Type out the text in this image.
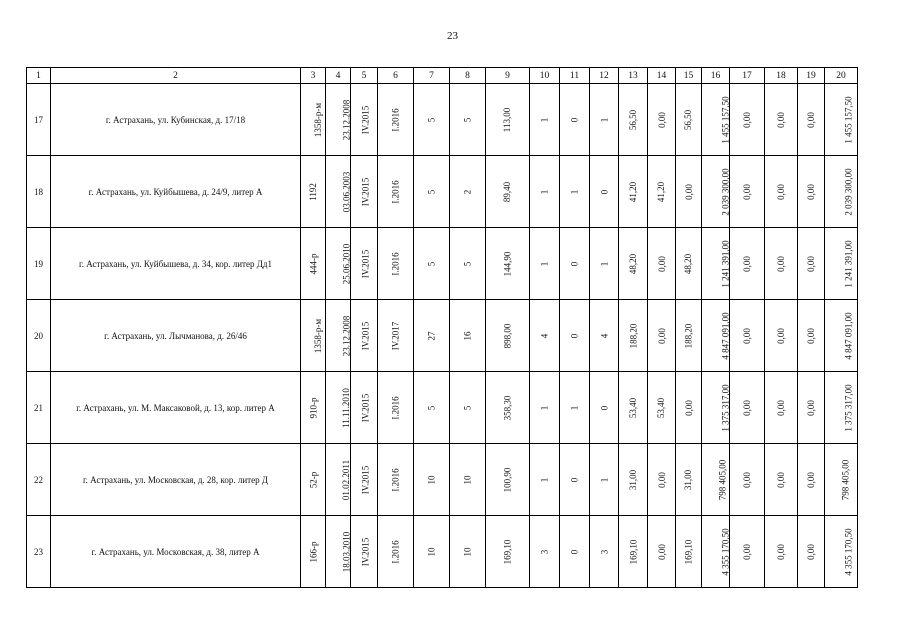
23
1	2	3	4	5	6	7	8	9	10	11	12	13	14	15	16	17	18	19	20
17	г. Астрахань, ул. Кубинская, д. 17/18	1358-р-м	23.12.2008	IV.2015	I.2016	5	5	113,00	1	0	1	56,50	0,00	56,50	1 455 157,50	0,00	0,00	0,00	1 455 157,50
18	г. Астрахань, ул. Куйбышева, д. 24/9, литер А	1192	03.06.2003	IV.2015	I.2016	5	2	89,40	1	1	0	41,20	41,20	0,00	2 039 300,00	0,00	0,00	0,00	2 039 300,00
19	г. Астрахань, ул. Куйбышева, д. 34, кор. литер Дд1	444-р	25.06.2010	IV.2015	I.2016	5	5	144,90	1	0	1	48,20	0,00	48,20	1 241 391,00	0,00	0,00	0,00	1 241 391,00
20	г. Астрахань, ул. Лычманова, д. 26/46	1358-р-м	23.12.2008	IV.2015	IV.2017	27	16	898,00	4	0	4	188,20	0,00	188,20	4 847 091,00	0,00	0,00	0,00	4 847 091,00
21	г. Астрахань, ул. М. Максаковой, д. 13, кор. литер А	910-р	11.11.2010	IV.2015	I.2016	5	5	358,30	1	1	0	53,40	53,40	0,00	1 375 317,00	0,00	0,00	0,00	1 375 317,00
22	г. Астрахань, ул. Московская, д. 28, кор. литер Д	52-р	01.02.2011	IV.2015	I.2016	10	10	100,90	1	0	1	31,00	0,00	31,00	798 405,00	0,00	0,00	0,00	798 405,00
23	г. Астрахань, ул. Московская, д. 38, литер А	166-р	18.03.2010	IV.2015	I.2016	10	10	169,10	3	0	3	169,10	0,00	169,10	4 355 170,50	0,00	0,00	0,00	4 355 170,50
